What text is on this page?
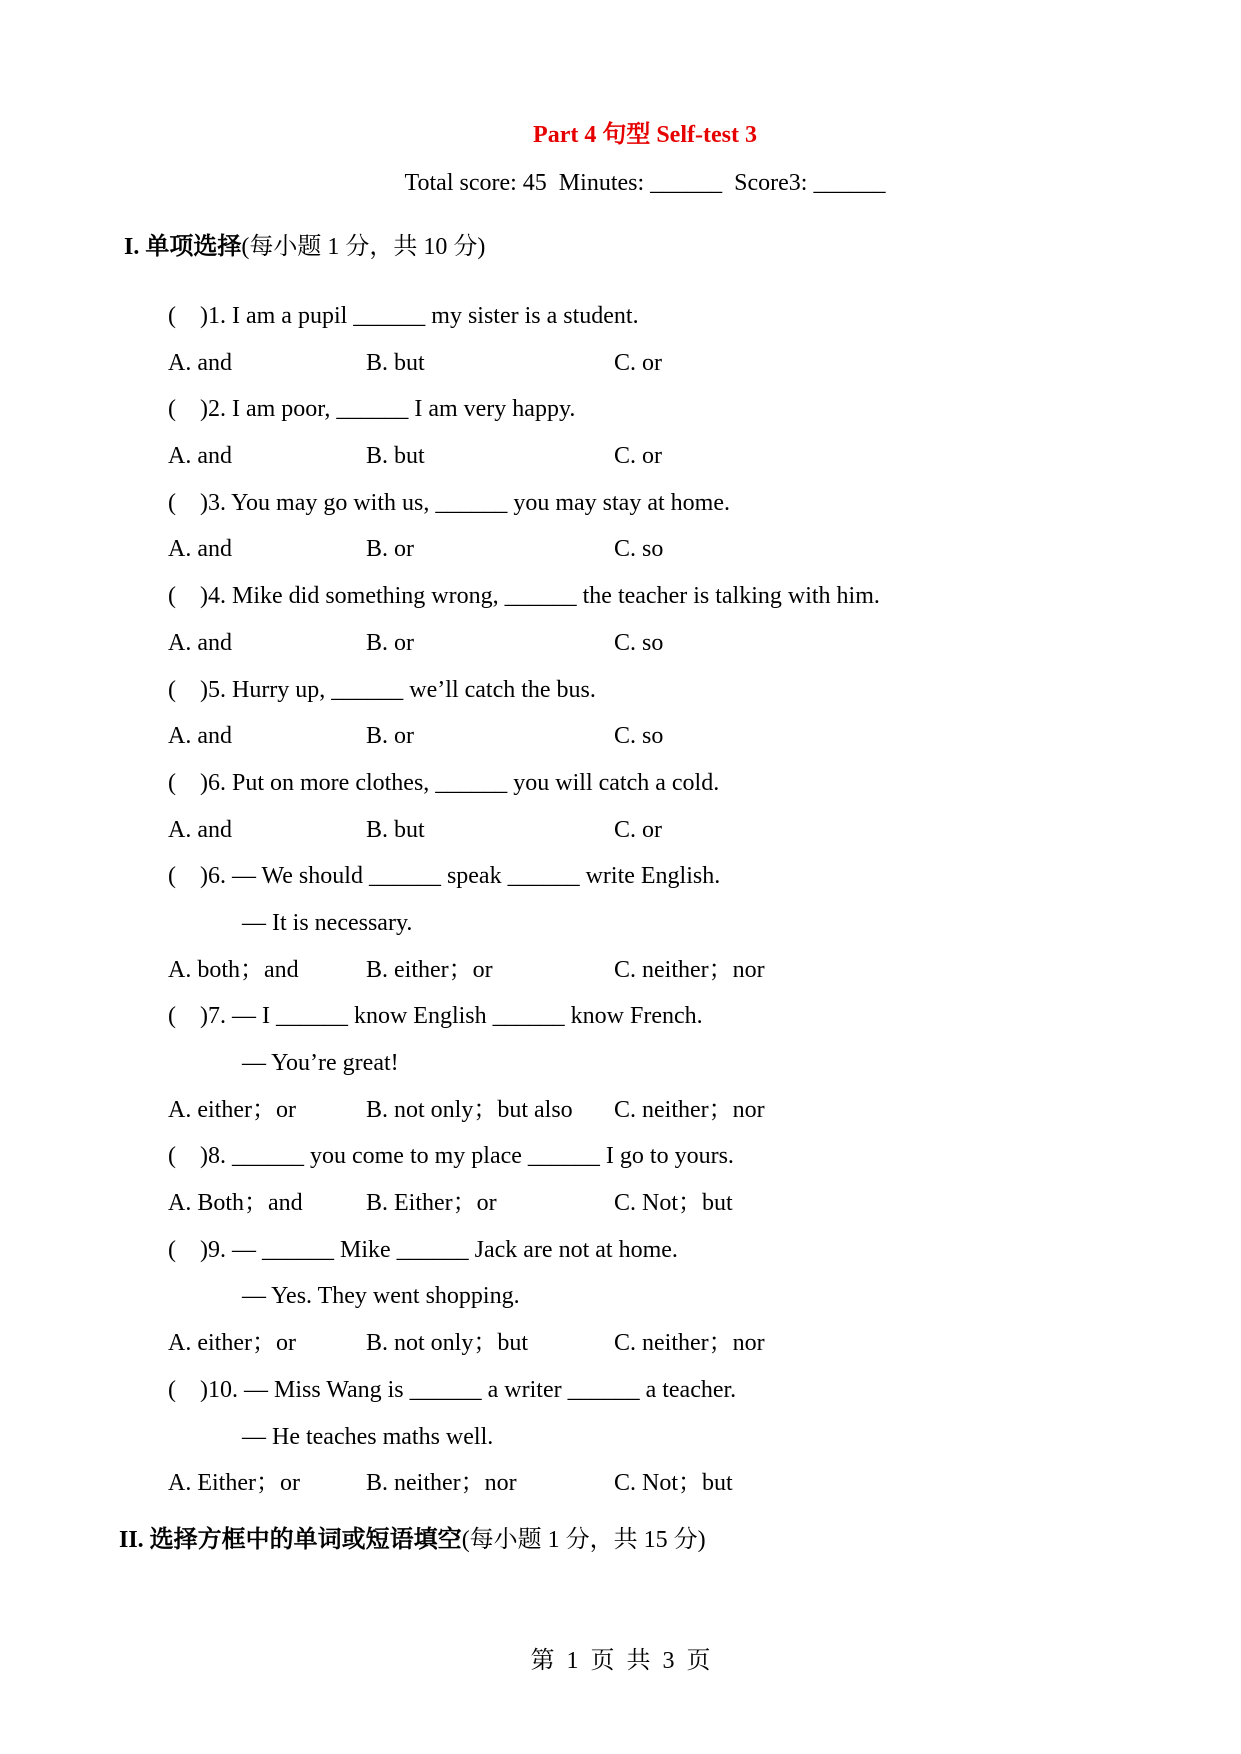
Part 4 句型 Self-test 3
Total score: 45  Minutes: ______  Score3: ______
I. 单项选择(每小题 1 分，共 10 分)
(    )1. I am a pupil ______ my sister is a student.
A. and	B. but	C. or
(    )2. I am poor, ______ I am very happy.
A. and	B. but	C. or
(    )3. You may go with us, ______ you may stay at home.
A. and	B. or	C. so
(    )4. Mike did something wrong, ______ the teacher is talking with him.
A. and	B. or	C. so
(    )5. Hurry up, ______ we’ll catch the bus.
A. and	B. or	C. so
(    )6. Put on more clothes, ______ you will catch a cold.
A. and	B. but	C. or
(    )6. — We should ______ speak ______ write English.
— It is necessary.
A. both；and	B. either；or	C. neither；nor
(    )7. — I ______ know English ______ know French.
— You’re great!
A. either；or	B. not only；but also C. neither；nor
(    )8. ______ you come to my place ______ I go to yours.
A. Both；and	B. Either；or	C. Not；but
(    )9. — ______ Mike ______ Jack are not at home.
— Yes. They went shopping.
A. either；or	B. not only；but	C. neither；nor
(    )10. — Miss Wang is ______ a writer ______ a teacher.
— He teaches maths well.
A. Either；or	B. neither；nor	C. Not；but
II. 选择方框中的单词或短语填空(每小题 1 分，共 15 分)
第  1  页  共  3  页
